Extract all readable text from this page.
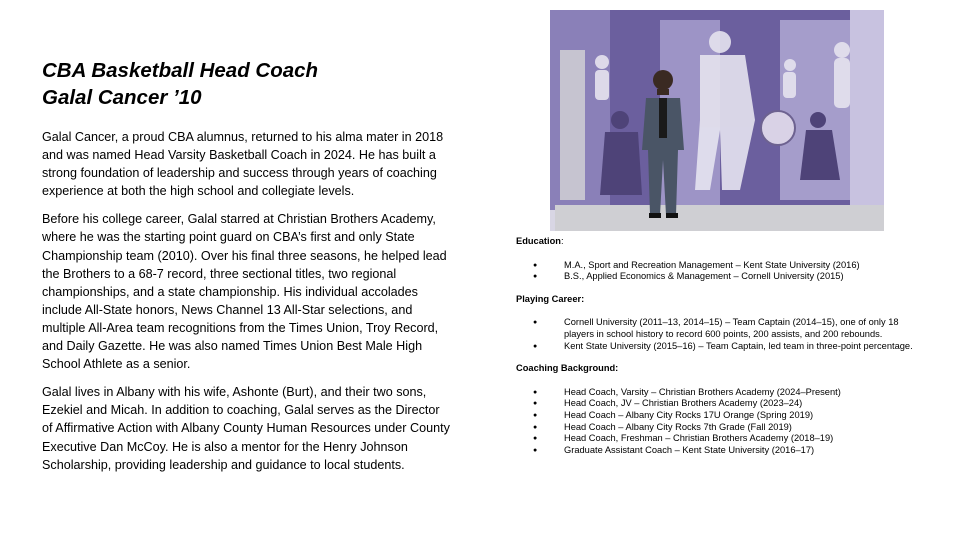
CBA Basketball Head Coach
Galal Cancer ’10

Galal Cancer, a proud CBA alumnus, returned to his alma mater in 2018 and was named Head Varsity Basketball Coach in 2024. He has built a strong foundation of leadership and success through years of coaching experience at both the high school and collegiate levels.

Before his college career, Galal starred at Christian Brothers Academy, where he was the starting point guard on CBA’s first and only State Championship team (2010). Over his final three seasons, he helped lead the Brothers to a 68-7 record, three sectional titles, two regional championships, and a state championship. His individual accolades include All-State honors, News Channel 13 All-Star selections, and multiple All-Area team recognitions from the Times Union, Troy Record, and Daily Gazette. He was also named Times Union Best Male High School Athlete as a senior.

Galal lives in Albany with his wife, Ashonte (Burt), and their two sons, Ezekiel and Micah. In addition to coaching, Galal serves as the Director of Affirmative Action with Albany County Human Resources under County Executive Dan McCoy. He is also a mentor for the Henry Johnson Scholarship, providing leadership and guidance to local students.

Education:

● M.A., Sport and Recreation Management – Kent State University (2016)
● B.S., Applied Economics & Management – Cornell University (2015)

Playing Career:

● Cornell University (2011–13, 2014–15) – Team Captain (2014–15), one of only 18 players in school history to record 600 points, 200 assists, and 200 rebounds.
● Kent State University (2015–16) – Team Captain, led team in three-point percentage.

Coaching Background:

● Head Coach, Varsity – Christian Brothers Academy (2024–Present)
● Head Coach, JV – Christian Brothers Academy (2023–24)
● Head Coach – Albany City Rocks 17U Orange (Spring 2019)
● Head Coach – Albany City Rocks 7th Grade (Fall 2019)
● Head Coach, Freshman – Christian Brothers Academy (2018–19)
● Graduate Assistant Coach – Kent State University (2016–17)
